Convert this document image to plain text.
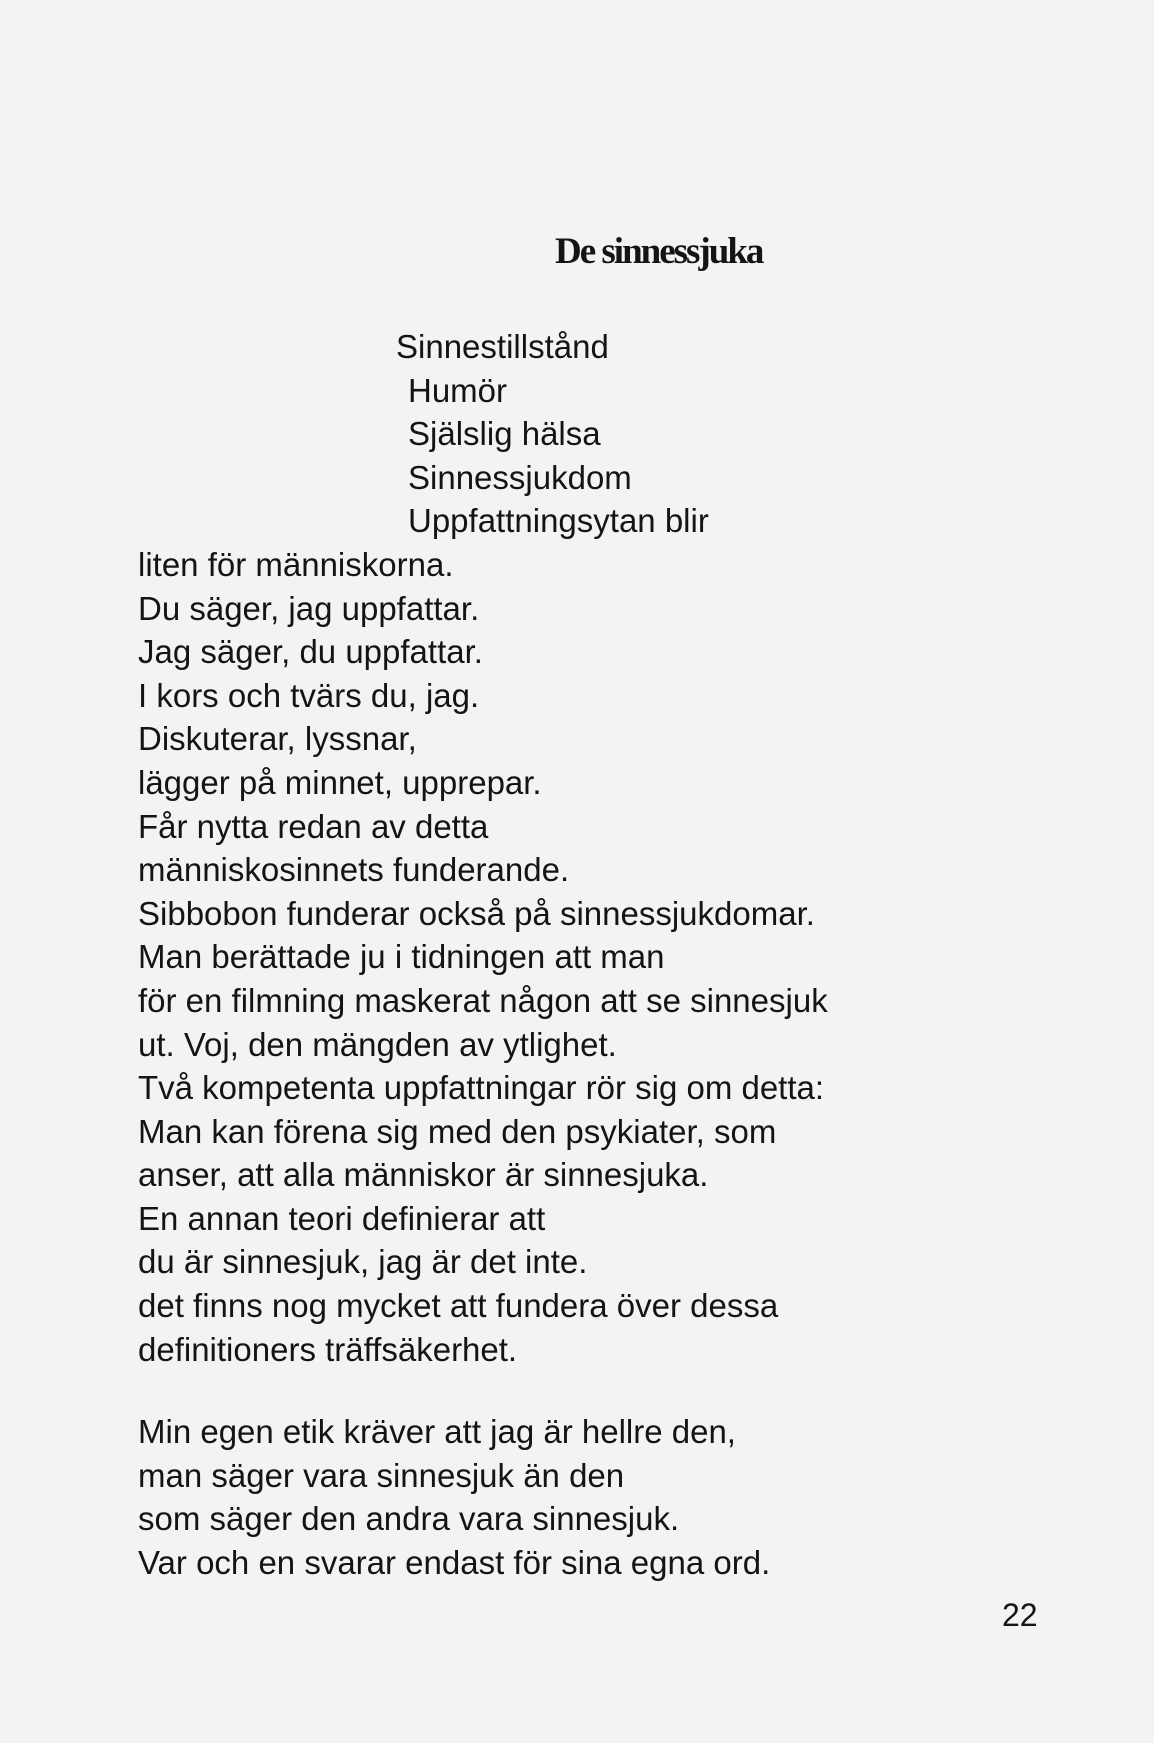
De sinnessjuka
Sinnestillstånd
Humör
Själslig hälsa
Sinnessjukdom
Uppfattningsytan blir
liten för människorna.
Du säger, jag uppfattar.
Jag säger, du uppfattar.
I kors och tvärs du, jag.
Diskuterar, lyssnar,
lägger på minnet, upprepar.
Får nytta redan av detta
människosinnets funderande.
Sibbobon funderar också på sinnessjukdomar.
Man berättade ju i tidningen att man
för en filmning maskerat någon att se sinnesjuk
ut. Voj, den mängden av ytlighet.
Två kompetenta uppfattningar rör sig om detta:
Man kan förena sig med den psykiater, som
anser, att alla människor är sinnesjuka.
En annan teori definierar att
du är sinnesjuk, jag är det inte.
det finns nog mycket att fundera över dessa
definitioners träffsäkerhet.
Min egen etik kräver att jag är hellre den,
man säger vara sinnesjuk än den
som säger den andra vara sinnesjuk.
Var och en svarar endast för sina egna ord.
22
